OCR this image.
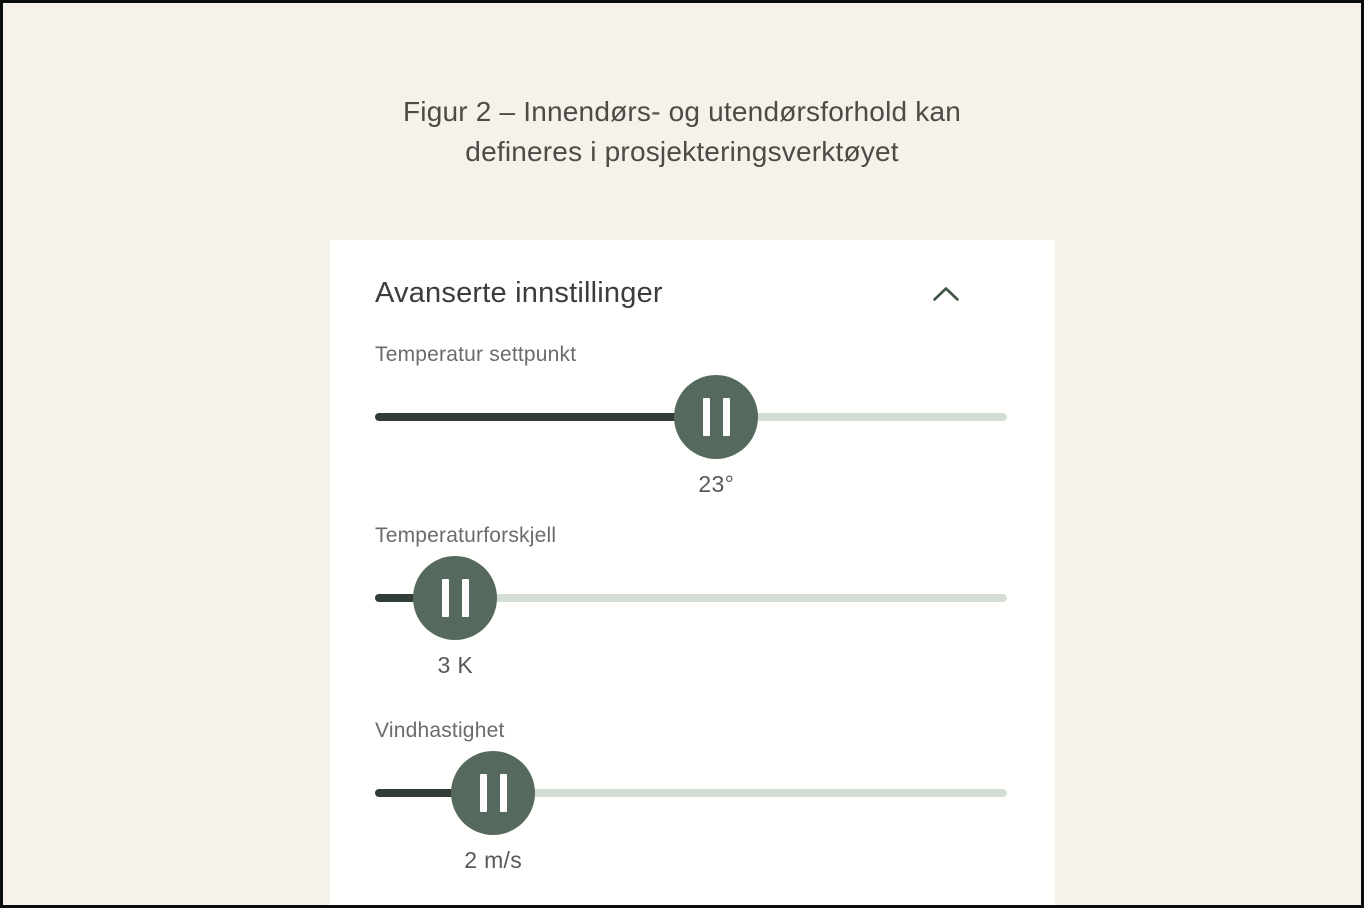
Figur 2 – Innendørs- og utendørsforhold kan
defineres i prosjekteringsverktøyet
Avanserte innstillinger
Temperatur settpunkt
23°
Temperaturforskjell
3 K
Vindhastighet
2 m/s
